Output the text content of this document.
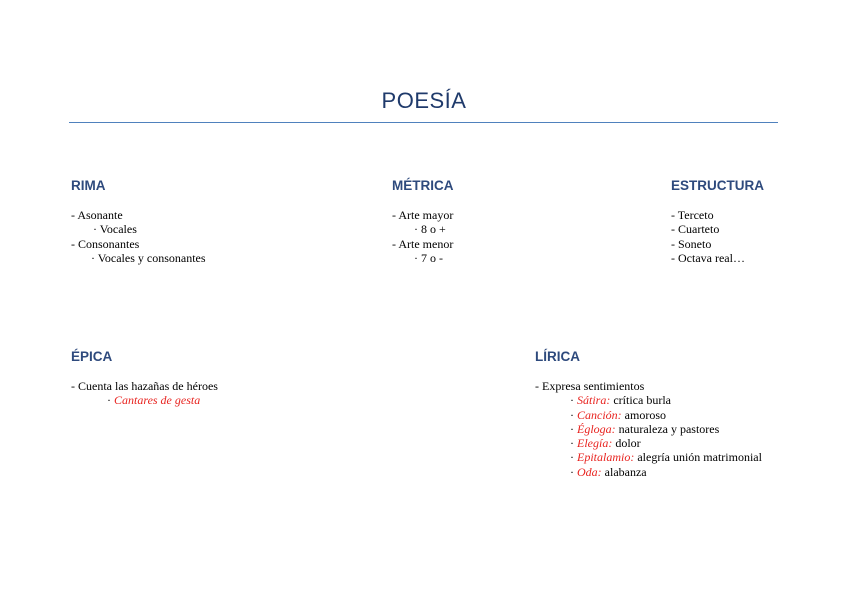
POESÍA
RIMA
- Asonante
· Vocales
- Consonantes
· Vocales y consonantes
MÉTRICA
- Arte mayor
· 8 o +
- Arte menor
· 7 o -
ESTRUCTURA
- Terceto
- Cuarteto
- Soneto
- Octava real…
ÉPICA
- Cuenta las hazañas de héroes
· Cantares de gesta
LÍRICA
- Expresa sentimientos
· Sátira: crítica burla
· Canción: amoroso
· Égloga: naturaleza y pastores
· Elegía: dolor
· Epitalamio: alegría unión matrimonial
· Oda: alabanza
